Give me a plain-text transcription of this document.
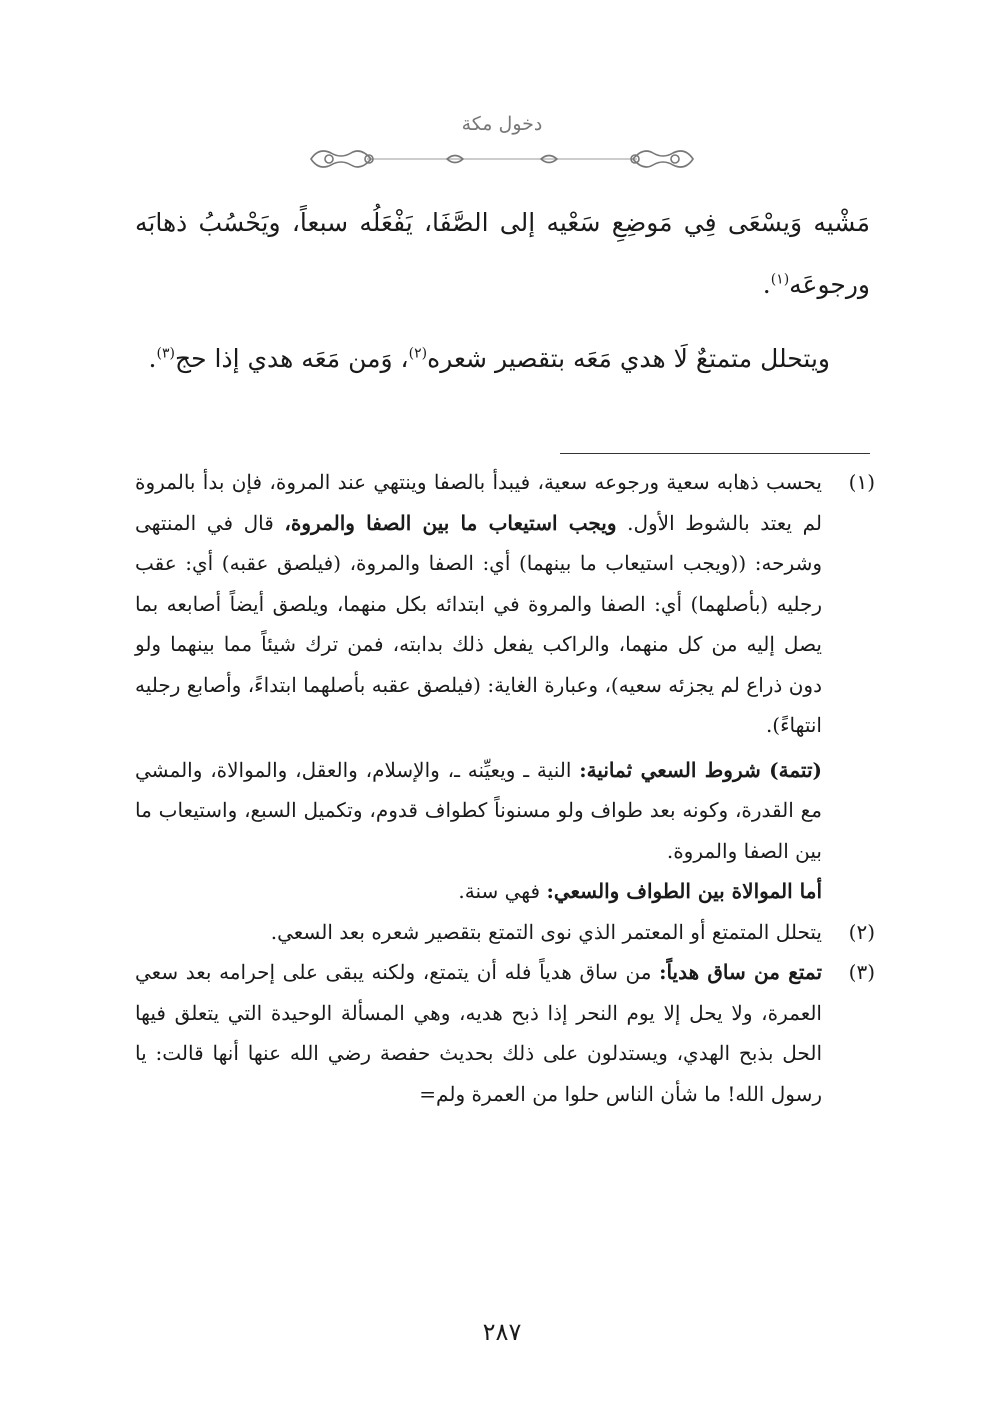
دخول مكة

مَشْيه وَيسْعَى فِي مَوضِعِ سَعْيه إلى الصَّفَا، يَفْعَلُه سبعاً، ويَحْسُبُ ذهابَه ورجوعَه$^{(١)}$.

ويتحلل متمتعٌ لَا هدي مَعَه بتقصير شعره$^{(٢)}$، وَمن مَعَه هدي إذا حج$^{(٣)}$.

(١)

يحسب ذهابه سعية ورجوعه سعية، فيبدأ بالصفا وينتهي عند المروة، فإن بدأ بالمروة لم يعتد بالشوط الأول. ويجب استيعاب ما بين الصفا والمروة، قال في المنتهى وشرحه: ((ويجب استيعاب ما بينهما) أي: الصفا والمروة، (فيلصق عقبه) أي: عقب رجليه (بأصلهما) أي: الصفا والمروة في ابتدائه بكل منهما، ويلصق أيضاً أصابعه بما يصل إليه من كل منهما، والراكب يفعل ذلك بدابته، فمن ترك شيئاً مما بينهما ولو دون ذراع لم يجزئه سعيه)، وعبارة الغاية: (فيلصق عقبه بأصلهما ابتداءً، وأصابع رجليه انتهاءً).

(تتمة) شروط السعي ثمانية: النية ـ ويعيِّنه ـ، والإسلام، والعقل، والموالاة، والمشي مع القدرة، وكونه بعد طواف ولو مسنوناً كطواف قدوم، وتكميل السبع، واستيعاب ما بين الصفا والمروة.

أما الموالاة بين الطواف والسعي: فهي سنة.

(٢)

يتحلل المتمتع أو المعتمر الذي نوى التمتع بتقصير شعره بعد السعي.

(٣)

تمتع من ساق هدياً: من ساق هدياً فله أن يتمتع، ولكنه يبقى على إحرامه بعد سعي العمرة، ولا يحل إلا يوم النحر إذا ذبح هديه، وهي المسألة الوحيدة التي يتعلق فيها الحل بذبح الهدي، ويستدلون على ذلك بحديث حفصة رضي الله عنها أنها قالت: يا رسول الله! ما شأن الناس حلوا من العمرة ولم=

٢٨٧
